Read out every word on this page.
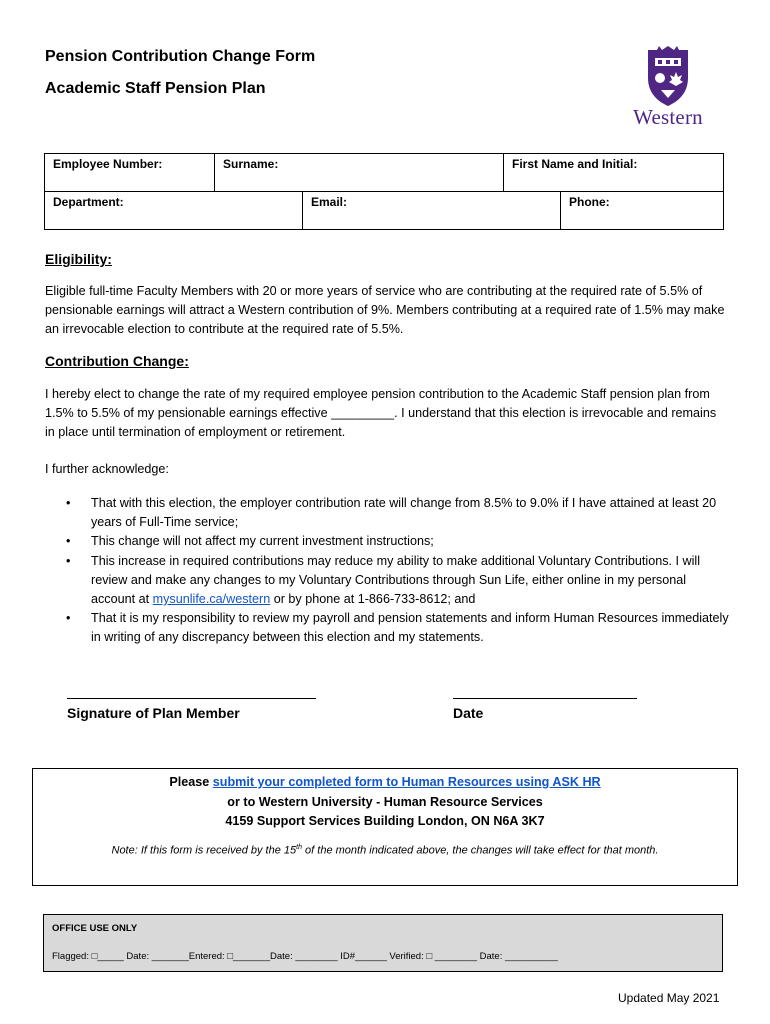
Pension Contribution Change Form
Academic Staff Pension Plan
Western
Employee Number:	Surname:	First Name and Initial:
Department:	Email:	Phone:
Eligibility:
Eligible full-time Faculty Members with 20 or more years of service who are contributing at the required rate of 5.5% of pensionable earnings will attract a Western contribution of 9%. Members contributing at a required rate of 1.5% may make an irrevocable election to contribute at the required rate of 5.5%.
Contribution Change:
I hereby elect to change the rate of my required employee pension contribution to the Academic Staff pension plan from 1.5% to 5.5% of my pensionable earnings effective _________. I understand that this election is irrevocable and remains in place until termination of employment or retirement.
I further acknowledge:
• That with this election, the employer contribution rate will change from 8.5% to 9.0% if I have attained at least 20 years of Full-Time service;
• This change will not affect my current investment instructions;
• This increase in required contributions may reduce my ability to make additional Voluntary Contributions. I will review and make any changes to my Voluntary Contributions through Sun Life, either online in my personal account at mysunlife.ca/western or by phone at 1-866-733-8612; and
• That it is my responsibility to review my payroll and pension statements and inform Human Resources immediately in writing of any discrepancy between this election and my statements.
Signature of Plan Member	Date
Please submit your completed form to Human Resources using ASK HR
or to Western University - Human Resource Services
4159 Support Services Building London, ON N6A 3K7
Note: If this form is received by the 15th of the month indicated above, the changes will take effect for that month.
OFFICE USE ONLY
Flagged: □_____ Date: _______Entered: □_______Date: ________ ID#______ Verified: □ ________ Date: __________
Updated May 2021
